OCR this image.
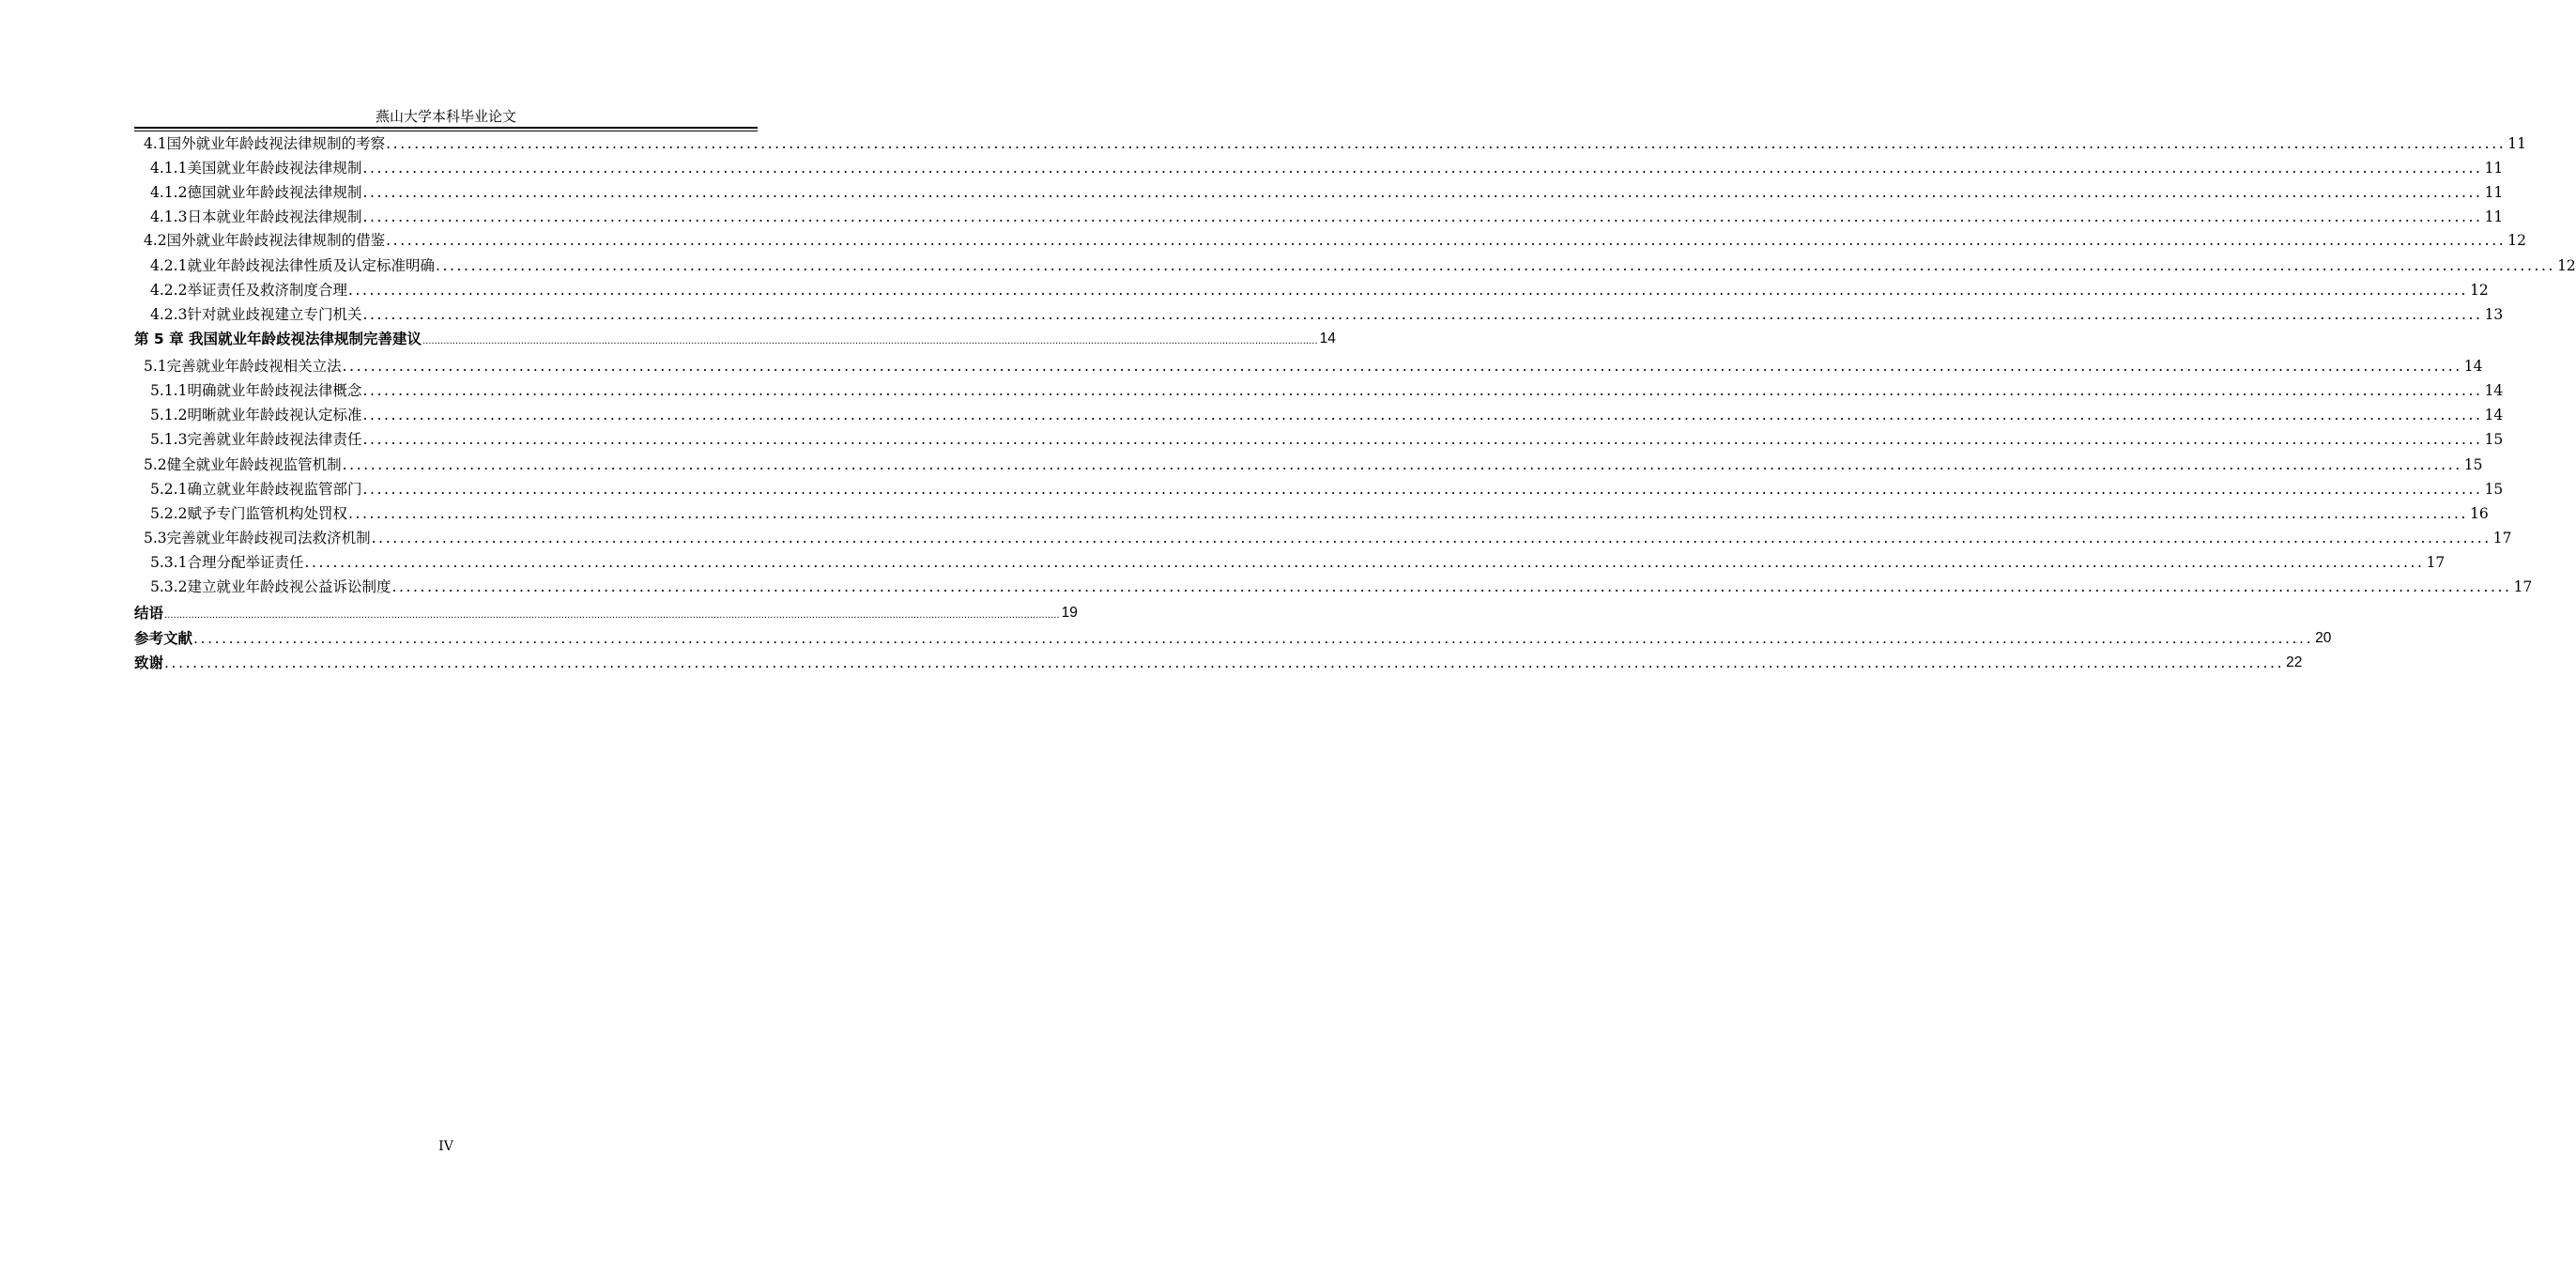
燕山大学本科毕业论文
4.1国外就业年龄歧视法律规制的考察 ............................................................................................................................................................................................................................................................................................................ 11
4.1.1美国就业年龄歧视法律规制 ............................................................................................................................................................................................................................................................................................................ 11
4.1.2德国就业年龄歧视法律规制 ............................................................................................................................................................................................................................................................................................................ 11
4.1.3日本就业年龄歧视法律规制 ............................................................................................................................................................................................................................................................................................................ 11
4.2国外就业年龄歧视法律规制的借鉴 ............................................................................................................................................................................................................................................................................................................ 12
4.2.1就业年龄歧视法律性质及认定标准明确 ............................................................................................................................................................................................................................................................................................................ 12
4.2.2举证责任及救济制度合理 ............................................................................................................................................................................................................................................................................................................ 12
4.2.3针对就业歧视建立专门机关 ............................................................................................................................................................................................................................................................................................................ 13
第 5 章 我国就业年龄歧视法律规制完善建议 ............................................................................................................................................................................................................................................................................................................ 14
5.1完善就业年龄歧视相关立法 ............................................................................................................................................................................................................................................................................................................ 14
5.1.1明确就业年龄歧视法律概念 ............................................................................................................................................................................................................................................................................................................ 14
5.1.2明晰就业年龄歧视认定标准 ............................................................................................................................................................................................................................................................................................................ 14
5.1.3完善就业年龄歧视法律责任 ............................................................................................................................................................................................................................................................................................................ 15
5.2健全就业年龄歧视监管机制 ............................................................................................................................................................................................................................................................................................................ 15
5.2.1确立就业年龄歧视监管部门 ............................................................................................................................................................................................................................................................................................................ 15
5.2.2赋予专门监管机构处罚权 ............................................................................................................................................................................................................................................................................................................ 16
5.3完善就业年龄歧视司法救济机制 ............................................................................................................................................................................................................................................................................................................ 17
5.3.1合理分配举证责任 ............................................................................................................................................................................................................................................................................................................ 17
5.3.2建立就业年龄歧视公益诉讼制度 ............................................................................................................................................................................................................................................................................................................ 17
结语 ............................................................................................................................................................................................................................................................................................................ 19
参考文献 ............................................................................................................................................................................................................................................................................................................ 20
致谢 ............................................................................................................................................................................................................................................................................................................ 22
IV
